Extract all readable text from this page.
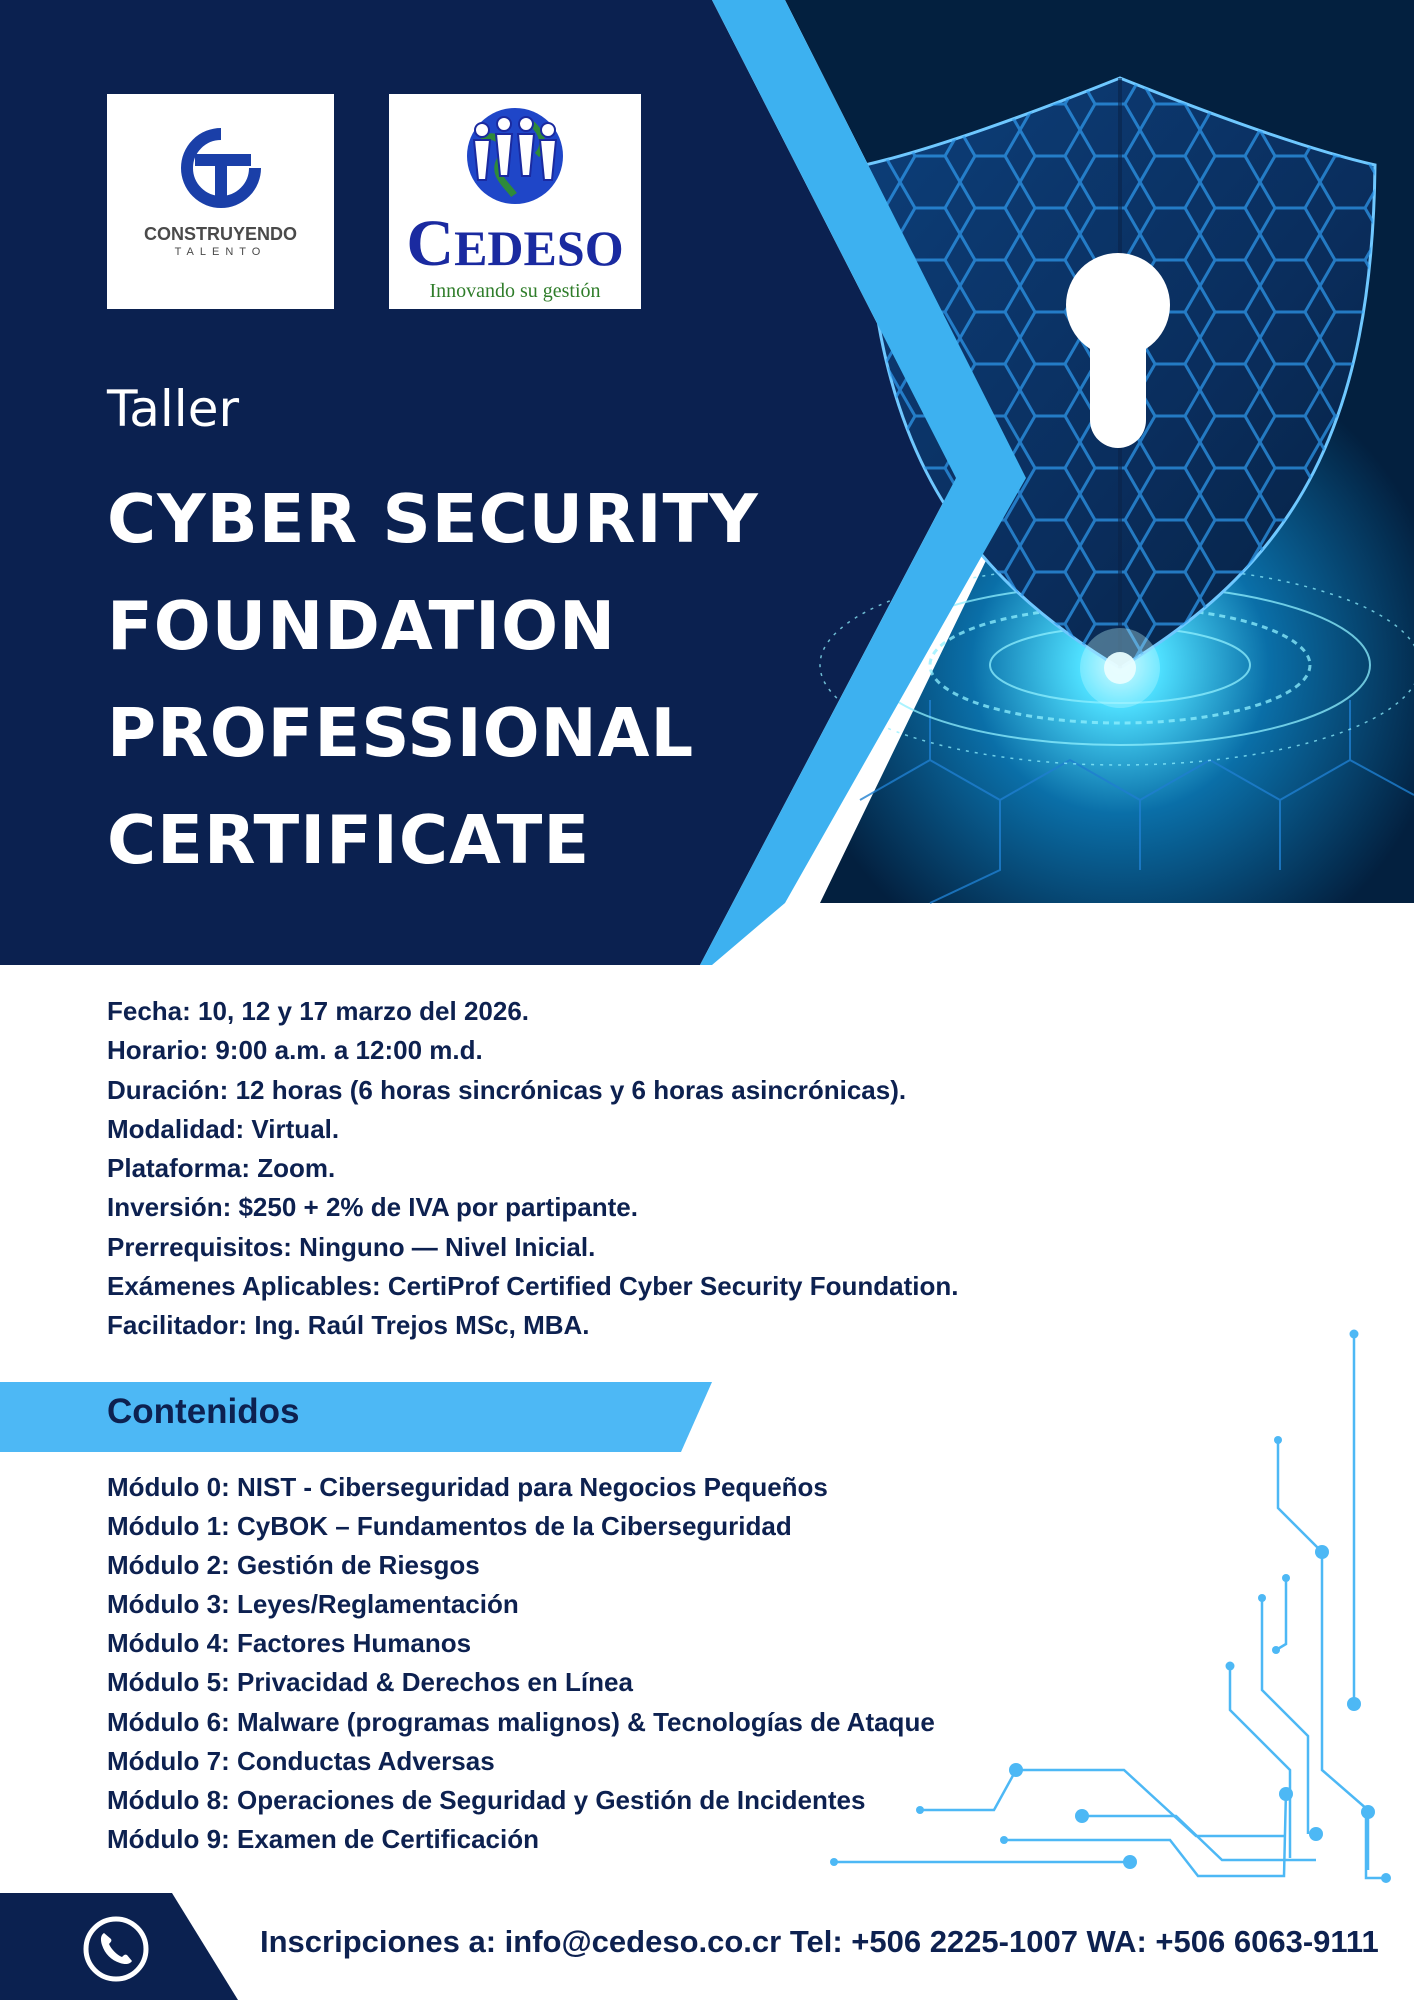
CONSTRUYENDO
TALENTO	CEDESO
Innovando su gestión
Taller
CYBER SECURITY
FOUNDATION
PROFESSIONAL
CERTIFICATE
Fecha: 10, 12 y 17 marzo del 2026.
Horario: 9:00 a.m. a 12:00 m.d.
Duración: 12 horas (6 horas sincrónicas y 6 horas asincrónicas).
Modalidad: Virtual.
Plataforma: Zoom.
Inversión: $250 + 2% de IVA por partipante.
Prerrequisitos: Ninguno — Nivel Inicial.
Exámenes Aplicables: CertiProf Certified Cyber Security Foundation.
Facilitador: Ing. Raúl Trejos MSc, MBA.
Contenidos
Módulo 0: NIST - Ciberseguridad para Negocios Pequeños
Módulo 1: CyBOK – Fundamentos de la Ciberseguridad
Módulo 2: Gestión de Riesgos
Módulo 3: Leyes/Reglamentación
Módulo 4: Factores Humanos
Módulo 5: Privacidad & Derechos en Línea
Módulo 6: Malware (programas malignos) & Tecnologías de Ataque
Módulo 7: Conductas Adversas
Módulo 8: Operaciones de Seguridad y Gestión de Incidentes
Módulo 9: Examen de Certificación
Inscripciones a: info@cedeso.co.cr Tel: +506 2225-1007 WA: +506 6063-9111
